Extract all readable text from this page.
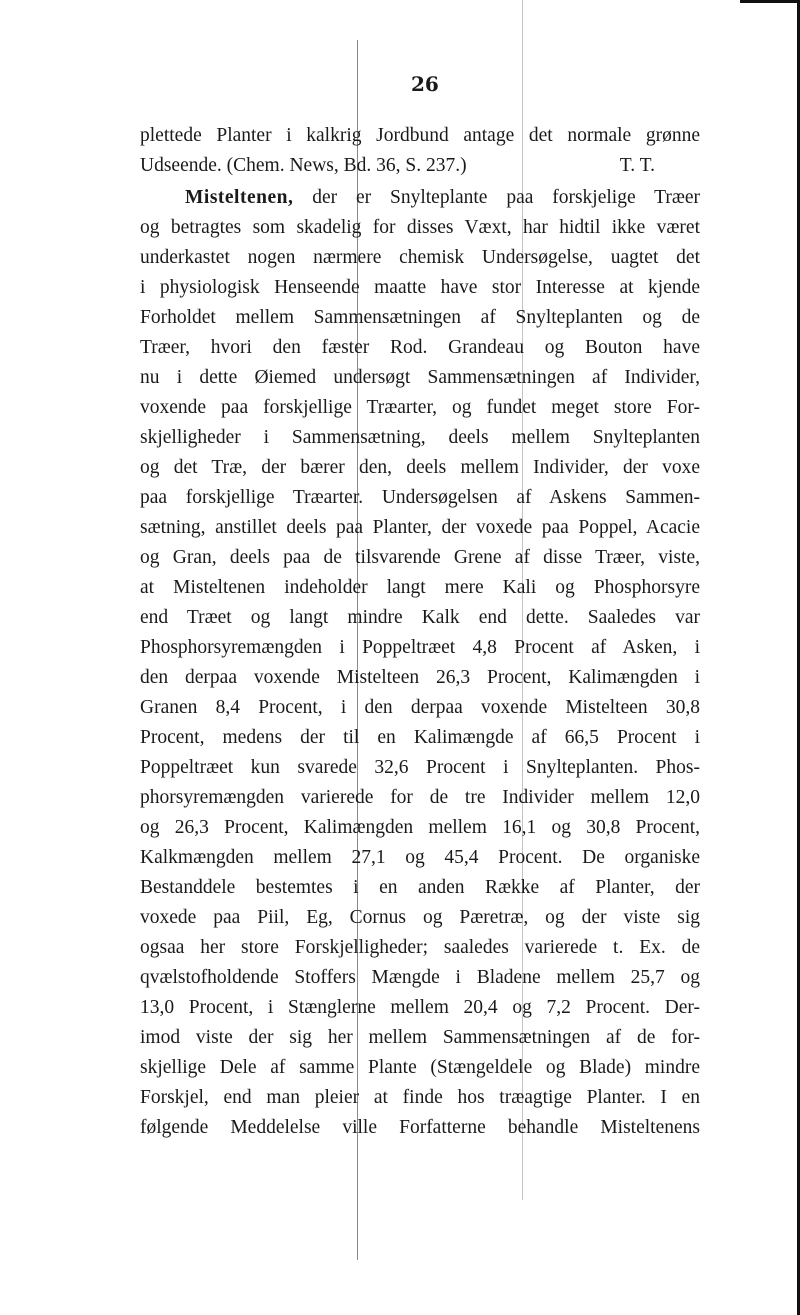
26
plettede Planter i kalkrig Jordbund antage det normale grønne
Udseende. (Chem. News, Bd. 36, S. 237.)	T. T.
Misteltenen, der er Snylteplante paa forskjelige Træer
og betragtes som skadelig for disses Væxt, har hidtil ikke været
underkastet nogen nærmere chemisk Undersøgelse, uagtet det
i physiologisk Henseende maatte have stor Interesse at kjende
Forholdet mellem Sammensætningen af Snylteplanten og de
Træer, hvori den fæster Rod. Grandeau og Bouton have
nu i dette Øiemed undersøgt Sammensætningen af Individer,
voxende paa forskjellige Træarter, og fundet meget store For-
skjelligheder i Sammensætning, deels mellem Snylteplanten
og det Træ, der bærer den, deels mellem Individer, der voxe
paa forskjellige Træarter. Undersøgelsen af Askens Sammen-
sætning, anstillet deels paa Planter, der voxede paa Poppel, Acacie
og Gran, deels paa de tilsvarende Grene af disse Træer, viste,
at Misteltenen indeholder langt mere Kali og Phosphorsyre
end Træet og langt mindre Kalk end dette. Saaledes var
Phosphorsyremængden i Poppeltræet 4,8 Procent af Asken, i
den derpaa voxende Mistelteen 26,3 Procent, Kalimængden i
Granen 8,4 Procent, i den derpaa voxende Mistelteen 30,8
Procent, medens der til en Kalimængde af 66,5 Procent i
Poppeltræet kun svarede 32,6 Procent i Snylteplanten. Phos-
phorsyremængden varierede for de tre Individer mellem 12,0
og 26,3 Procent, Kalimængden mellem 16,1 og 30,8 Procent,
Kalkmængden mellem 27,1 og 45,4 Procent. De organiske
Bestanddele bestemtes i en anden Række af Planter, der
voxede paa Piil, Eg, Cornus og Pæretræ, og der viste sig
ogsaa her store Forskjelligheder; saaledes varierede t. Ex. de
qvælstofholdende Stoffers Mængde i Bladene mellem 25,7 og
13,0 Procent, i Stænglerne mellem 20,4 og 7,2 Procent. Der-
imod viste der sig her mellem Sammensætningen af de for-
skjellige Dele af samme Plante (Stængeldele og Blade) mindre
Forskjel, end man pleier at finde hos træagtige Planter. I en
følgende Meddelelse ville Forfatterne behandle Misteltenens
